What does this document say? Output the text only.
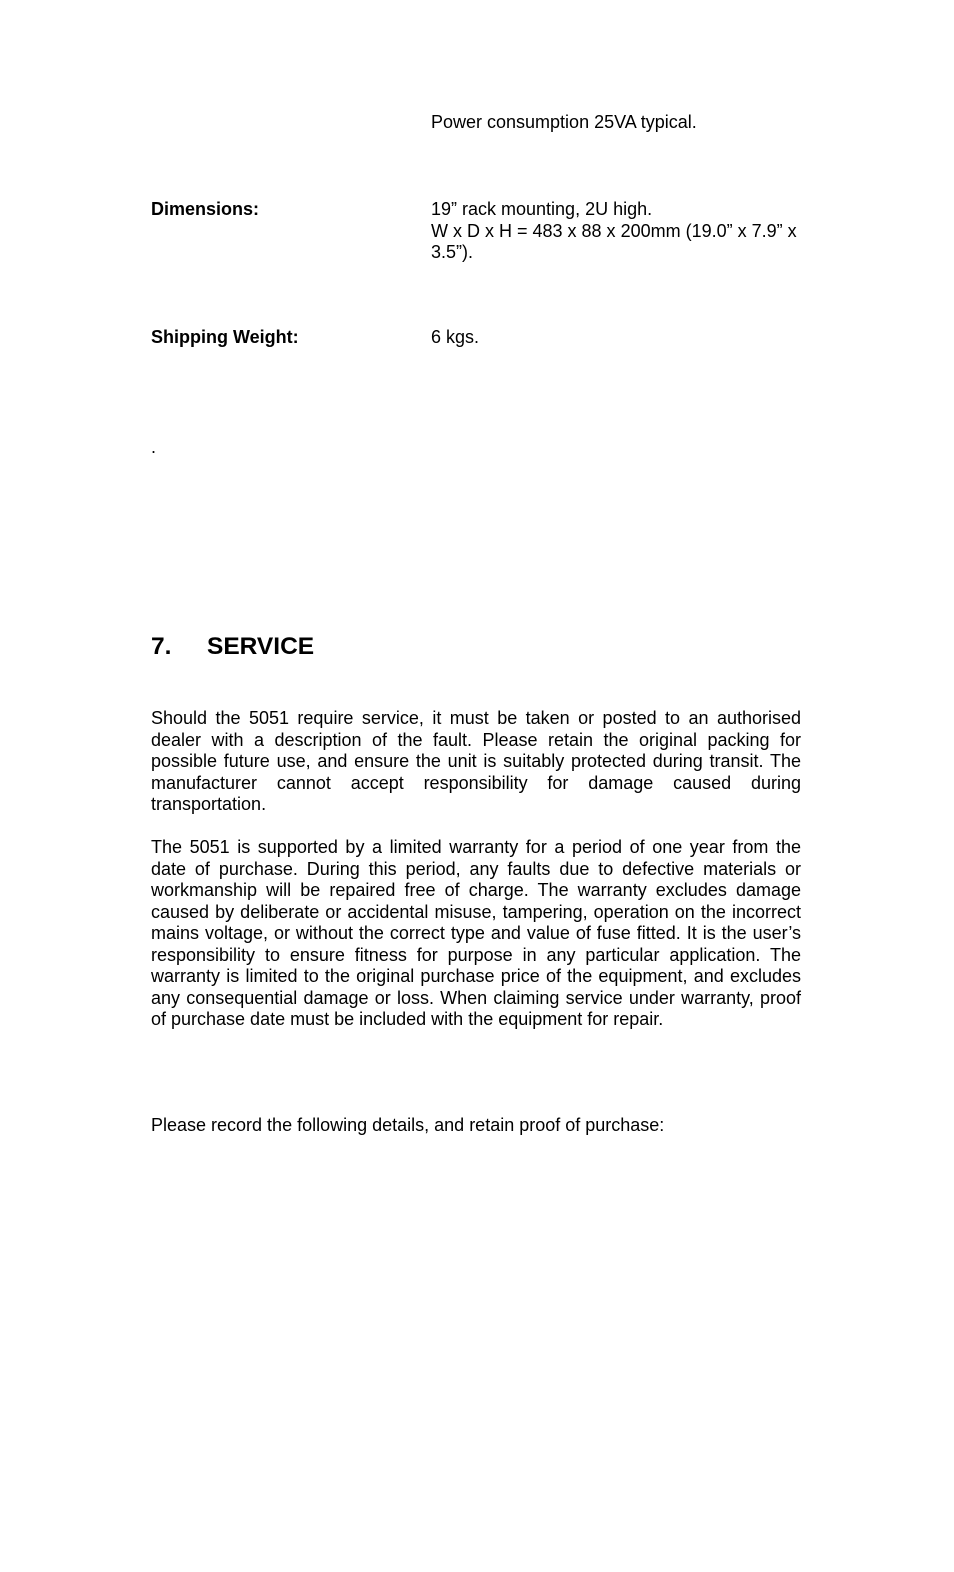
Power consumption 25VA typical.
Dimensions:	19” rack mounting, 2U high.
W x D x H = 483 x 88 x 200mm (19.0” x 7.9” x 3.5”).
Shipping Weight:	6 kgs.
.
7. SERVICE
Should the 5051 require service, it must be taken or posted to an authorised dealer with a description of the fault. Please retain the original packing for possible future use, and ensure the unit is suitably protected during transit. The manufacturer cannot accept responsibility for damage caused during transportation.
The 5051 is supported by a limited warranty for a period of one year from the date of purchase. During this period, any faults due to defective materials or workmanship will be repaired free of charge. The warranty excludes damage caused by deliberate or accidental misuse, tampering, operation on the incorrect mains voltage, or without the correct type and value of fuse fitted. It is the user’s responsibility to ensure fitness for purpose in any particular application. The warranty is limited to the original purchase price of the equipment, and excludes any consequential damage or loss. When claiming service under warranty, proof of purchase date must be included with the equipment for repair.
Please record the following details, and retain proof of purchase:
